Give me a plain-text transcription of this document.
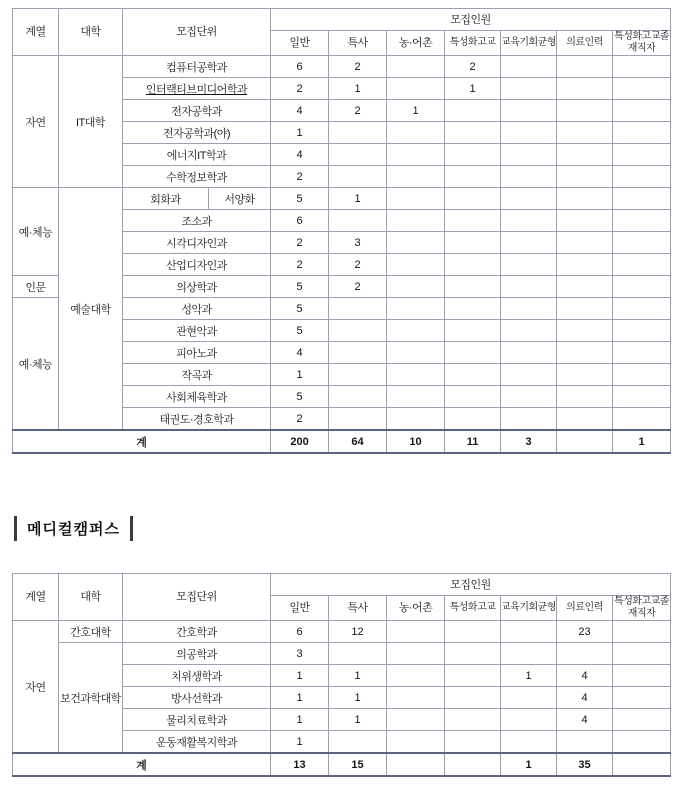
계열	대학	모집단위		모집인원						
				일반	특사	농·어촌	특성화고교	교육기회균형	의료인력	특성화고교졸재직자
자연	IT대학	컴퓨터공학과		6	2		2			
		인터랙티브미디어학과		2	1		1			
		전자공학과		4	2	1				
		전자공학과(야)		1						
		에너지IT학과		4						
		수학정보학과		2						
예·체능	예술대학	회화과	서양화	5	1					
		조소과		6						
		시각디자인과		2	3					
		산업디자인과		2	2					
인문		의상학과		5	2					
예·체능		성악과		5						
		관현악과		5						
		피아노과		4						
		작곡과		1						
		사회체육학과		5						
		태권도·경호학과		2						
계				200	64	10	11	3		1
메디컬캠퍼스
계열	대학	모집단위	모집인원						
			일반	특사	농·어촌	특성화고교	교육기회균형	의료인력	특성화고교졸재직자
자연	간호대학	간호학과	6	12				23	
	보건과학대학	의공학과	3						
		치위생학과	1	1			1	4	
		방사선학과	1	1				4	
		물리치료학과	1	1				4	
		운동재활복지학과	1						
계			13	15			1	35	
